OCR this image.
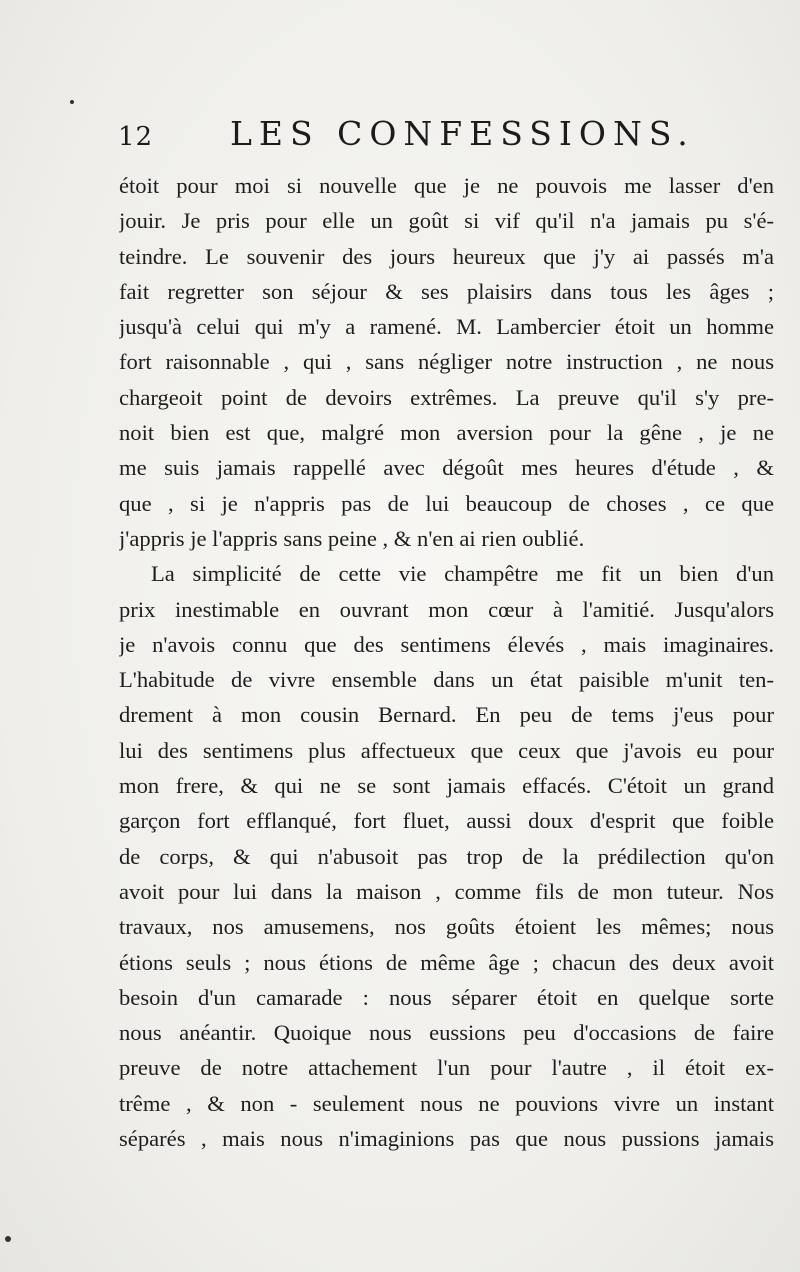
12 LES CONFESSIONS.
étoit pour moi si nouvelle que je ne pouvois me lasser d'en
jouir. Je pris pour elle un goût si vif qu'il n'a jamais pu s'é-
teindre. Le souvenir des jours heureux que j'y ai passés m'a
fait regretter son séjour & ses plaisirs dans tous les âges ;
jusqu'à celui qui m'y a ramené. M. Lambercier étoit un homme
fort raisonnable , qui , sans négliger notre instruction , ne nous
chargeoit point de devoirs extrêmes. La preuve qu'il s'y pre-
noit bien est que, malgré mon aversion pour la gêne , je ne
me suis jamais rappellé avec dégoût mes heures d'étude , &
que , si je n'appris pas de lui beaucoup de choses , ce que
j'appris je l'appris sans peine , & n'en ai rien oublié.
La simplicité de cette vie champêtre me fit un bien d'un
prix inestimable en ouvrant mon cœur à l'amitié. Jusqu'alors
je n'avois connu que des sentimens élevés , mais imaginaires.
L'habitude de vivre ensemble dans un état paisible m'unit ten-
drement à mon cousin Bernard. En peu de tems j'eus pour
lui des sentimens plus affectueux que ceux que j'avois eu pour
mon frere, & qui ne se sont jamais effacés. C'étoit un grand
garçon fort efflanqué, fort fluet, aussi doux d'esprit que foible
de corps, & qui n'abusoit pas trop de la prédilection qu'on
avoit pour lui dans la maison , comme fils de mon tuteur. Nos
travaux, nos amusemens, nos goûts étoient les mêmes; nous
étions seuls ; nous étions de même âge ; chacun des deux avoit
besoin d'un camarade : nous séparer étoit en quelque sorte
nous anéantir. Quoique nous eussions peu d'occasions de faire
preuve de notre attachement l'un pour l'autre , il étoit ex-
trême , & non - seulement nous ne pouvions vivre un instant
séparés , mais nous n'imaginions pas que nous pussions jamais
